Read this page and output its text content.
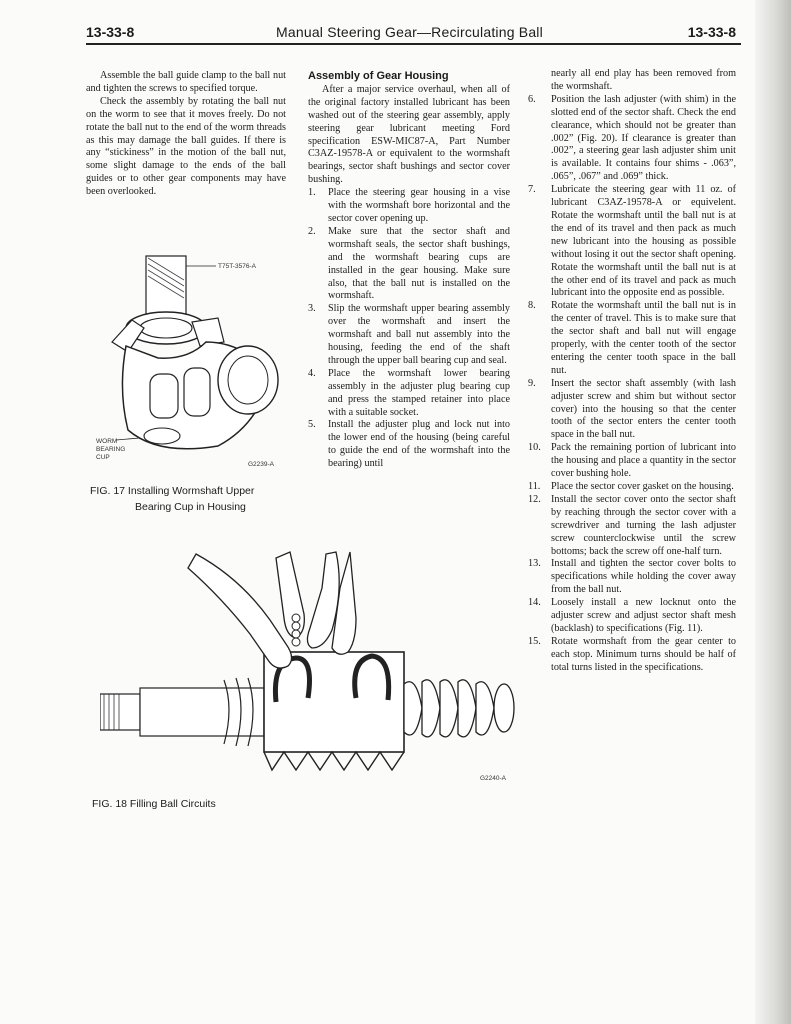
13-33-8	Manual Steering Gear—Recirculating Ball	13-33-8

Assemble the ball guide clamp to the ball nut and tighten the screws to specified torque.

Check the assembly by rotating the ball nut on the worm to see that it moves freely. Do not rotate the ball nut to the end of the worm threads as this may damage the ball guides. If there is any “stickiness” in the motion of the ball nut, some slight damage to the ends of the ball guides or to other gear components may have been overlooked.

T75T-3576-A
WORM
BEARING
CUP
G2239-A
FIG. 17 Installing Wormshaft Upper
Bearing Cup in Housing
Assembly of Gear Housing

After a major service overhaul, when all of the original factory installed lubricant has been washed out of the steering gear assembly, apply steering gear lubricant meeting Ford specification ESW-MIC87-A, Part Number C3AZ-19578-A or equivalent to the wormshaft bearings, sector shaft bushings and sector cover bushing.

1. Place the steering gear housing in a vise with the wormshaft bore horizontal and the sector cover opening up.
2. Make sure that the sector shaft and wormshaft seals, the sector shaft bushings, and the wormshaft bearing cups are installed in the gear housing. Make sure also, that the ball nut is installed on the wormshaft.
3. Slip the wormshaft upper bearing assembly over the wormshaft and insert the wormshaft and ball nut assembly into the housing, feeding the end of the shaft through the upper ball bearing cup and seal.
4. Place the wormshaft lower bearing assembly in the adjuster plug bearing cup and press the stamped retainer into place with a suitable socket.
5. Install the adjuster plug and lock nut into the lower end of the housing (being careful to guide the end of the wormshaft into the bearing) until
G2240-A
FIG. 18 Filling Ball Circuits
nearly all end play has been removed from the wormshaft.
6. Position the lash adjuster (with shim) in the slotted end of the sector shaft. Check the end clearance, which should not be greater than .002” (Fig. 20). If clearance is greater than .002”, a steering gear lash adjuster shim unit is available. It contains four shims - .063”, .065”, .067” and .069” thick.
7. Lubricate the steering gear with 11 oz. of lubricant C3AZ-19578-A or equivelent. Rotate the wormshaft until the ball nut is at the end of its travel and then pack as much new lubricant into the housing as possible without losing it out the sector shaft opening. Rotate the wormshaft until the ball nut is at the other end of its travel and pack as much lubricant into the opposite end as possible.
8. Rotate the wormshaft until the ball nut is in the center of travel. This is to make sure that the sector shaft and ball nut will engage properly, with the center tooth of the sector entering the center tooth space in the ball nut.
9. Insert the sector shaft assembly (with lash adjuster screw and shim but without sector cover) into the housing so that the center tooth of the sector enters the center tooth space in the ball nut.
10. Pack the remaining portion of lubricant into the housing and place a quantity in the sector cover bushing hole.
11. Place the sector cover gasket on the housing.
12. Install the sector cover onto the sector shaft by reaching through the sector cover with a screwdriver and turning the lash adjuster screw counterclockwise until the screw bottoms; back the screw off one-half turn.
13. Install and tighten the sector cover bolts to specifications while holding the cover away from the ball nut.
14. Loosely install a new locknut onto the adjuster screw and adjust sector shaft mesh (backlash) to specifications (Fig. 11).
15. Rotate wormshaft from the gear center to each stop. Minimum turns should be half of total turns listed in the specifications.
